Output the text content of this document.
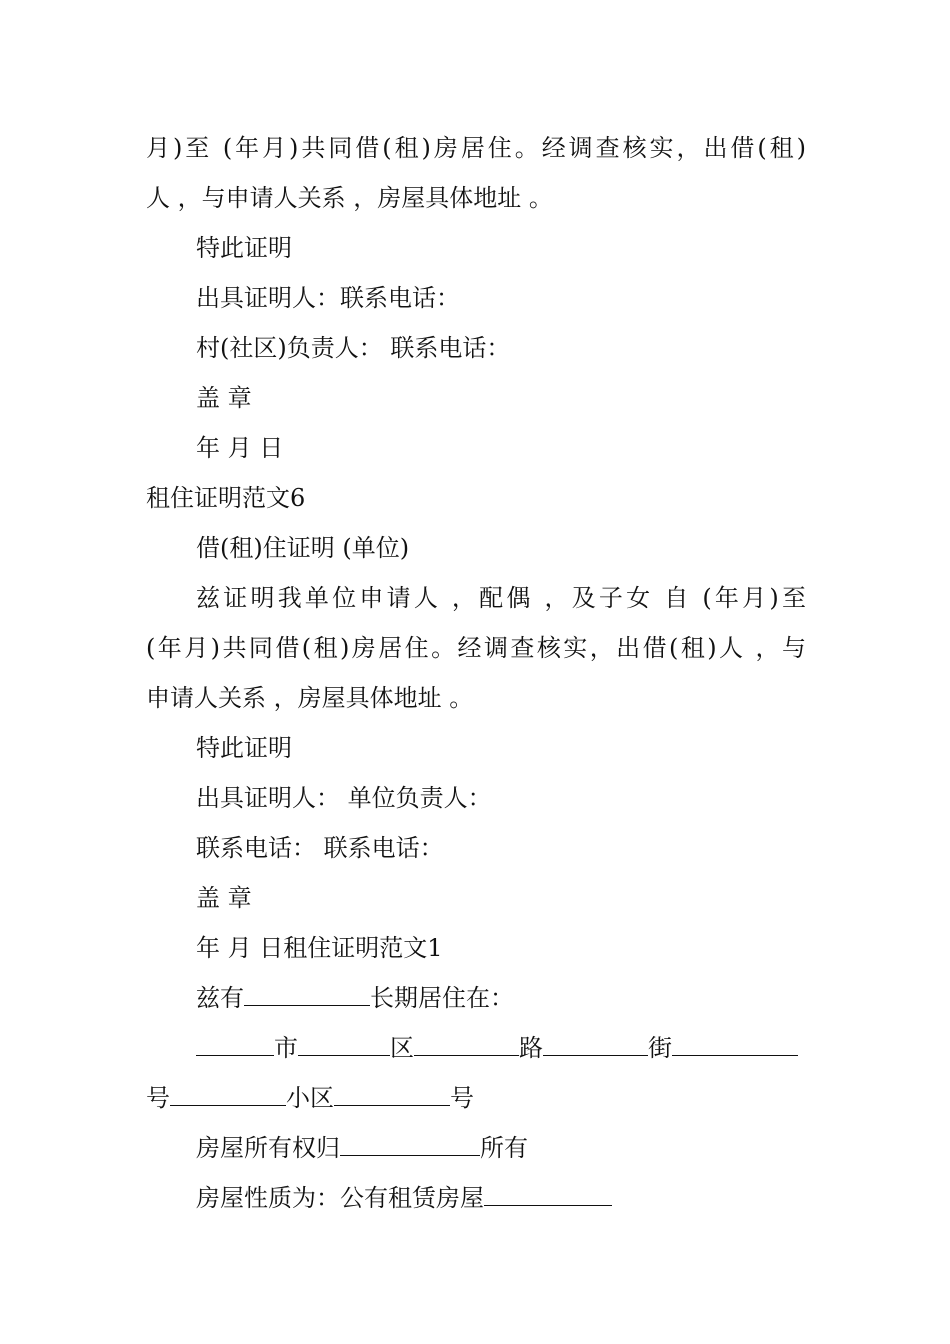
月)至 (年月)共同借(租)房居住。经调查核实，出借(租)
人 ，与申请人关系 ，房屋具体地址 。
特此证明
出具证明人：联系电话：
村(社区)负责人： 联系电话：
盖 章
年 月 日
租住证明范文6
借(租)住证明 (单位)
兹证明我单位申请人 ，配偶 ，及子女 自 (年月)至
(年月)共同借(租)房居住。经调查核实，出借(租)人 ，与
申请人关系 ，房屋具体地址 。
特此证明
出具证明人： 单位负责人：
联系电话： 联系电话：
盖 章
年 月 日租住证明范文1
兹有	长期居住在：
市	区	路	街
号	小区	号
房屋所有权归	所有
房屋性质为：公有租赁房屋
